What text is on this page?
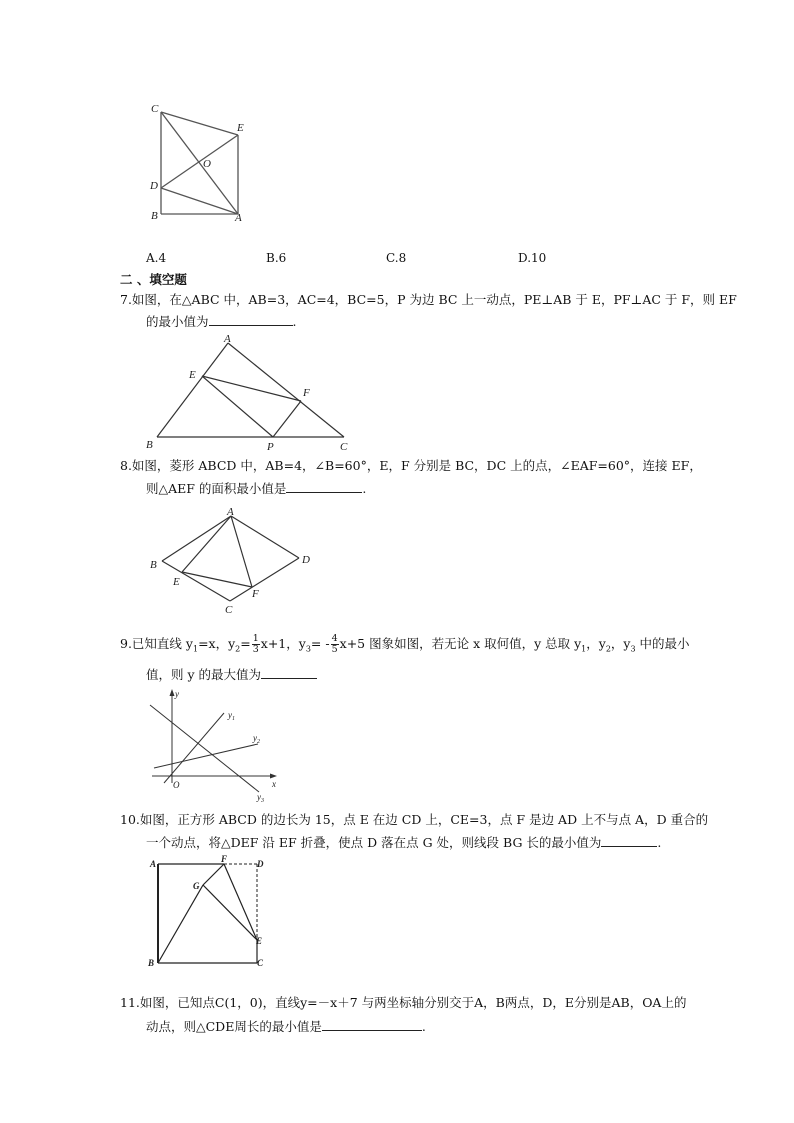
C
E
O
D
B	A
A.4	B.6	C.8	D.10
二 、填空题
7.如图，在△ABC 中，AB=3，AC=4，BC=5，P 为边 BC 上一动点，PE⊥AB 于 E，PF⊥AC 于 F，则 EF
的最小值为	.
A
E
F
B	P	C
8.如图，菱形 ABCD 中，AB=4，∠B=60°，E，F 分别是 BC，DC 上的点，∠EAF=60°，连接 EF，
则△AEF 的面积最小值是	.
A
B	D
E
F
C
9.已知直线 $y_1=x$，$y_2= \frac{1}{3} x+1$，$y_3= - \frac{4}{5} x+5$ 图象如图，若无论 x 取何值，y 总取 $y_1$，$y_2$，$y_3$ 中的最小
值，则 y 的最大值为
y
$y_1$
$y_2$
O	x
$y_3$
10.如图，正方形 ABCD 的边长为 15，点 E 在边 CD 上，CE=3，点 F 是边 AD 上不与点 A，D 重合的
一个动点，将△DEF 沿 EF 折叠，使点 D 落在点 G 处，则线段 BG 长的最小值为	.
A	F	D
G
E
B	C
11.如图，已知点C(1，0)，直线y=－x＋7 与两坐标轴分别交于A，B两点，D，E分别是AB，OA上的
动点，则△CDE周长的最小值是	.
